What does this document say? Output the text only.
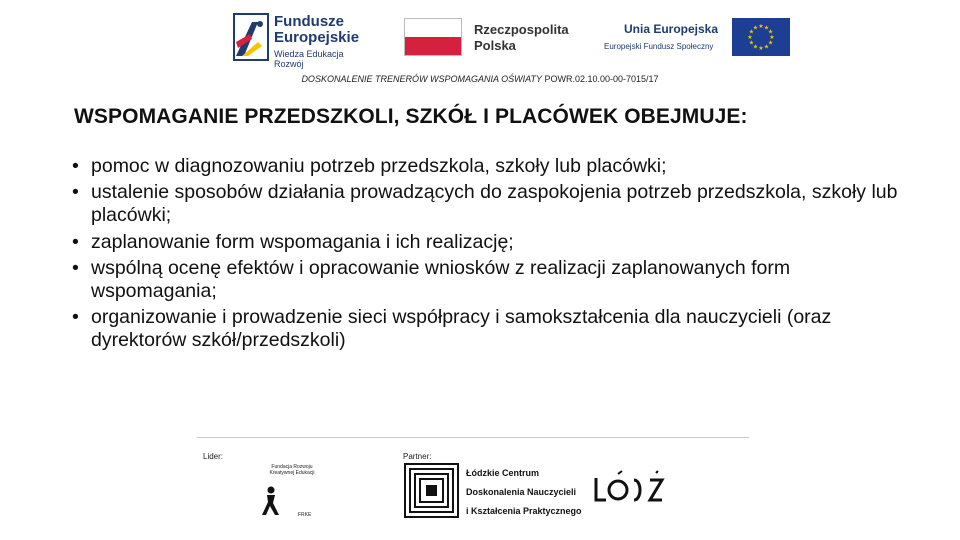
Fundusze
Europejskie
Wiedza Edukacja Rozwój
Rzeczpospolita
Polska
Unia Europejska
Europejski Fundusz Społeczny
★ ★
★
★
★
★
★
★
★
★
★
★
DOSKONALENIE TRENERÓW WSPOMAGANIA OŚWIATY POWR.02.10.00-00-7015/17
WSPOMAGANIE PRZEDSZKOLI, SZKÓŁ I PLACÓWEK OBEJMUJE:
• pomoc w diagnozowaniu potrzeb przedszkola, szkoły lub placówki;
• ustalenie sposobów działania prowadzących do zaspokojenia potrzeb przedszkola, szkoły lub placówki;
• zaplanowanie form wspomagania i ich realizację;
• wspólną ocenę efektów i opracowanie wniosków z realizacji zaplanowanych form wspomagania;
• organizowanie i prowadzenie sieci współpracy i samokształcenia dla nauczycieli (oraz dyrektorów szkół/przedszkoli)
Lider:
Fundacja Rozwoju Kreatywnej Edukacji
FRKE
Partner:
Łódzkie Centrum
Doskonalenia Nauczycieli
i Kształcenia Praktycznego
